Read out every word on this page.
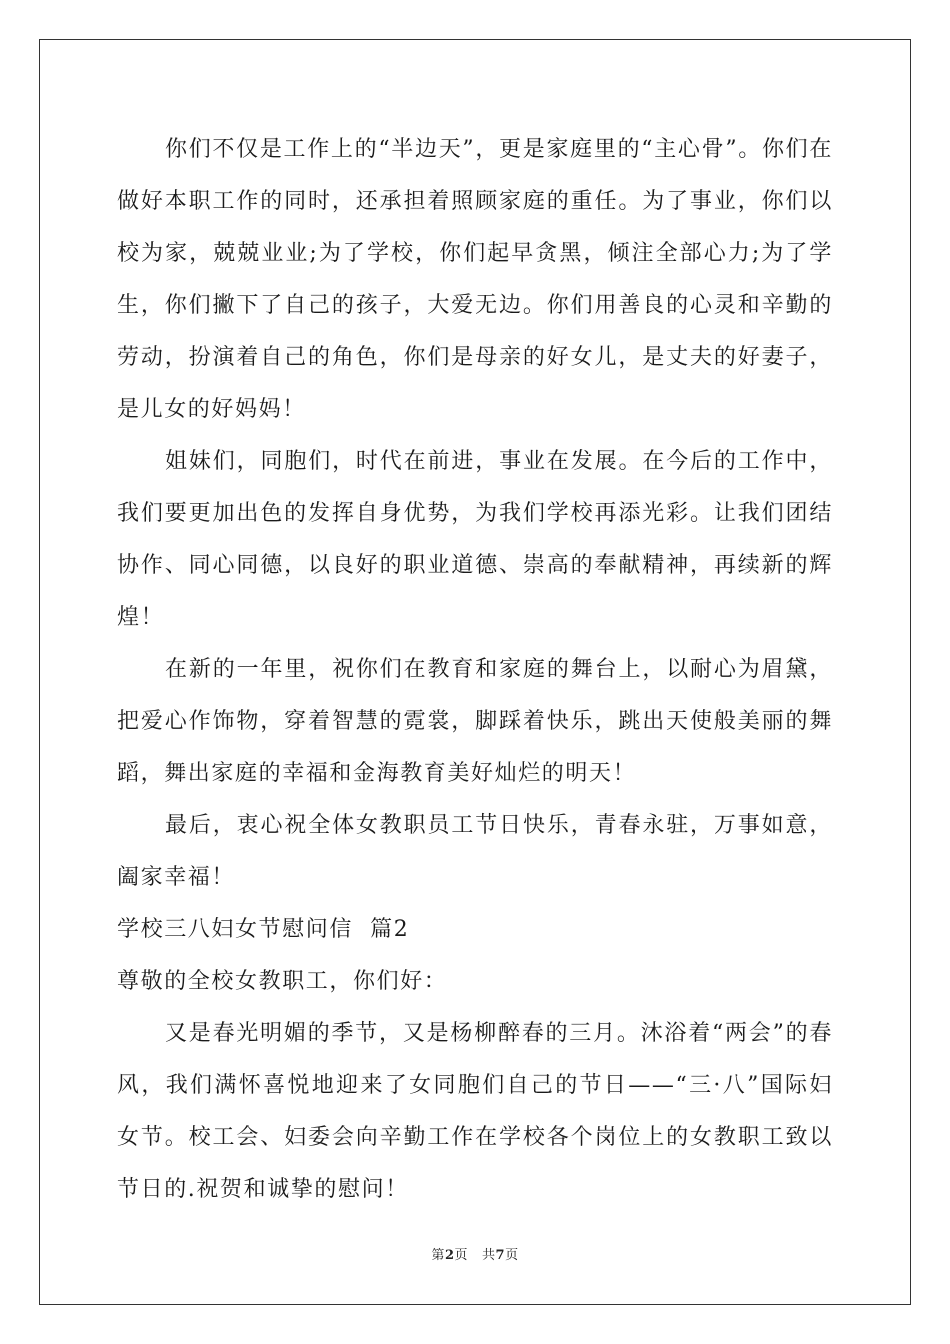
你们不仅是工作上的“半边天”，更是家庭里的“主心骨”。你们在做好本职工作的同时，还承担着照顾家庭的重任。为了事业，你们以校为家，兢兢业业;为了学校，你们起早贪黑，倾注全部心力;为了学生，你们撇下了自己的孩子，大爱无边。你们用善良的心灵和辛勤的劳动，扮演着自己的角色，你们是母亲的好女儿，是丈夫的好妻子，是儿女的好妈妈！

姐妹们，同胞们，时代在前进，事业在发展。在今后的工作中，我们要更加出色的发挥自身优势，为我们学校再添光彩。让我们团结协作、同心同德，以良好的职业道德、崇高的奉献精神，再续新的辉煌！

在新的一年里，祝你们在教育和家庭的舞台上，以耐心为眉黛，把爱心作饰物，穿着智慧的霓裳，脚踩着快乐，跳出天使般美丽的舞蹈，舞出家庭的幸福和金海教育美好灿烂的明天！

最后，衷心祝全体女教职员工节日快乐，青春永驻，万事如意，阖家幸福！

学校三八妇女节慰问信  篇2

尊敬的全校女教职工，你们好：

又是春光明媚的季节，又是杨柳醉春的三月。沐浴着“两会”的春风，我们满怀喜悦地迎来了女同胞们自己的节日——“三·八”国际妇女节。校工会、妇委会向辛勤工作在学校各个岗位上的女教职工致以节日的.祝贺和诚挚的慰问！

第2页 共7页
